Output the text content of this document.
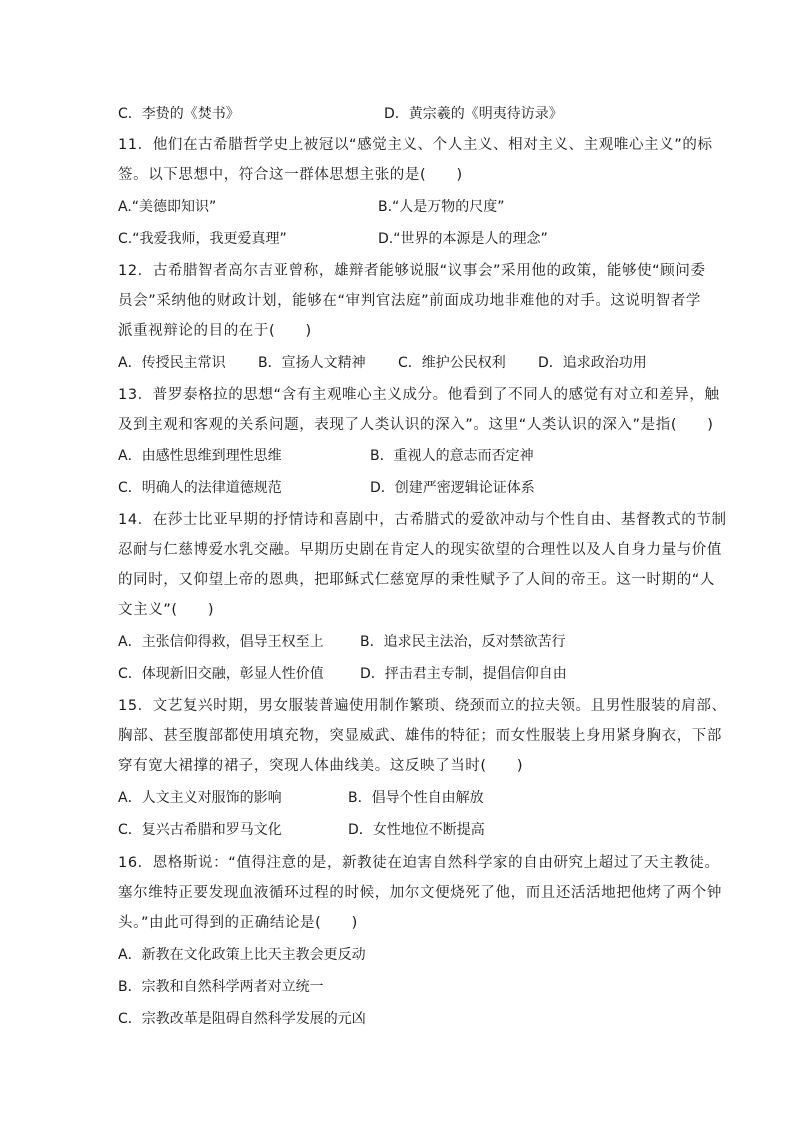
C．李贽的《焚书》	D．黄宗羲的《明夷待访录》
11．他们在古希腊哲学史上被冠以“感觉主义、个人主义、相对主义、主观唯心主义”的标
签。以下思想中，符合这一群体思想主张的是(　　)
A.“美德即知识”	B.“人是万物的尺度”
C.“我爱我师，我更爱真理”	D.“世界的本源是人的理念”
12．古希腊智者高尔吉亚曾称，雄辩者能够说服“议事会”采用他的政策，能够使“顾问委
员会”采纳他的财政计划，能够在“审判官法庭”前面成功地非难他的对手。这说明智者学
派重视辩论的目的在于(　　)
A．传授民主常识 B．宣扬人文精神 C．维护公民权利 D．追求政治功用
13．普罗泰格拉的思想“含有主观唯心主义成分。他看到了不同人的感觉有对立和差异，触
及到主观和客观的关系问题，表现了人类认识的深入”。这里“人类认识的深入”是指(　　)
A．由感性思维到理性思维	B．重视人的意志而否定神
C．明确人的法律道德规范	D．创建严密逻辑论证体系
14．在莎士比亚早期的抒情诗和喜剧中，古希腊式的爱欲冲动与个性自由、基督教式的节制
忍耐与仁慈博爱水乳交融。早期历史剧在肯定人的现实欲望的合理性以及人自身力量与价值
的同时，又仰望上帝的恩典，把耶稣式仁慈宽厚的秉性赋予了人间的帝王。这一时期的“人
文主义”(　　)
A．主张信仰得救，倡导王权至上	B．追求民主法治，反对禁欲苦行
C．体现新旧交融，彰显人性价值	D．抨击君主专制，提倡信仰自由
15．文艺复兴时期，男女服装普遍使用制作繁琐、绕颈而立的拉夫领。且男性服装的肩部、
胸部、甚至腹部都使用填充物，突显威武、雄伟的特征；而女性服装上身用紧身胸衣，下部
穿有宽大裙撑的裙子，突现人体曲线美。这反映了当时(　　)
A．人文主义对服饰的影响	B．倡导个性自由解放
C．复兴古希腊和罗马文化	D．女性地位不断提高
16．恩格斯说：“值得注意的是，新教徒在迫害自然科学家的自由研究上超过了天主教徒。
塞尔维特正要发现血液循环过程的时候，加尔文便烧死了他，而且还活活地把他烤了两个钟
头。”由此可得到的正确结论是(　　)
A．新教在文化政策上比天主教会更反动
B．宗教和自然科学两者对立统一
C．宗教改革是阻碍自然科学发展的元凶
